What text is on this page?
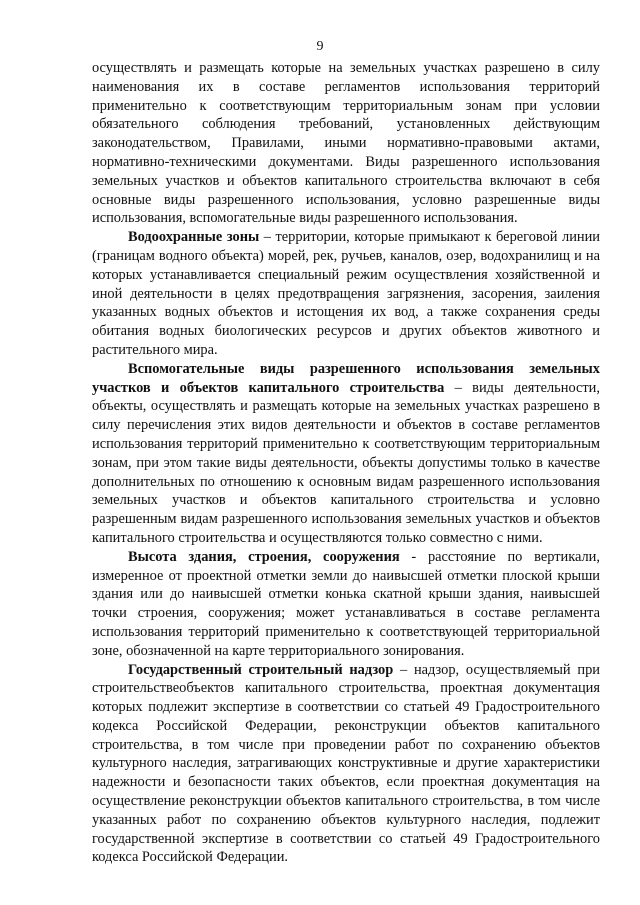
9

осуществлять и размещать которые на земельных участках разрешено в силу наименования их в составе регламентов использования территорий применительно к соответствующим территориальным зонам при условии обязательного соблюдения требований, установленных действующим законодательством, Правилами, иными нормативно-правовыми актами, нормативно-техническими документами. Виды разрешенного использования земельных участков и объектов капитального строительства включают в себя основные виды разрешенного использования, условно разрешенные виды использования, вспомогательные виды разрешенного использования.

Водоохранные зоны – территории, которые примыкают к береговой линии (границам водного объекта) морей, рек, ручьев, каналов, озер, водохранилищ и на которых устанавливается специальный режим осуществления хозяйственной и иной деятельности в целях предотвращения загрязнения, засорения, заиления указанных водных объектов и истощения их вод, а также сохранения среды обитания водных биологических ресурсов и других объектов животного и растительного мира.

Вспомогательные виды разрешенного использования земельных участков и объектов капитального строительства – виды деятельности, объекты, осуществлять и размещать которые на земельных участках разрешено в силу перечисления этих видов деятельности и объектов в составе регламентов использования территорий применительно к соответствующим территориальным зонам, при этом такие виды деятельности, объекты допустимы только в качестве дополнительных по отношению к основным видам разрешенного использования земельных участков и объектов капитального строительства и условно разрешенным видам разрешенного использования земельных участков и объектов капитального строительства и осуществляются только совместно с ними.

Высота здания, строения, сооружения - расстояние по вертикали, измеренное от проектной отметки земли до наивысшей отметки плоской крыши здания или до наивысшей отметки конька скатной крыши здания, наивысшей точки строения, сооружения; может устанавливаться в составе регламента использования территорий применительно к соответствующей территориальной зоне, обозначенной на карте территориального зонирования.

Государственный строительный надзор – надзор, осуществляемый при строительствеобъектов капитального строительства, проектная документация которых подлежит экспертизе в соответствии со статьей 49 Градостроительного кодекса Российской Федерации, реконструкции объектов капитального строительства, в том числе при проведении работ по сохранению объектов культурного наследия, затрагивающих конструктивные и другие характеристики надежности и безопасности таких объектов, если проектная документация на осуществление реконструкции объектов капитального строительства, в том числе указанных работ по сохранению объектов культурного наследия, подлежит государственной экспертизе в соответствии со статьей 49 Градостроительного кодекса Российской Федерации.
